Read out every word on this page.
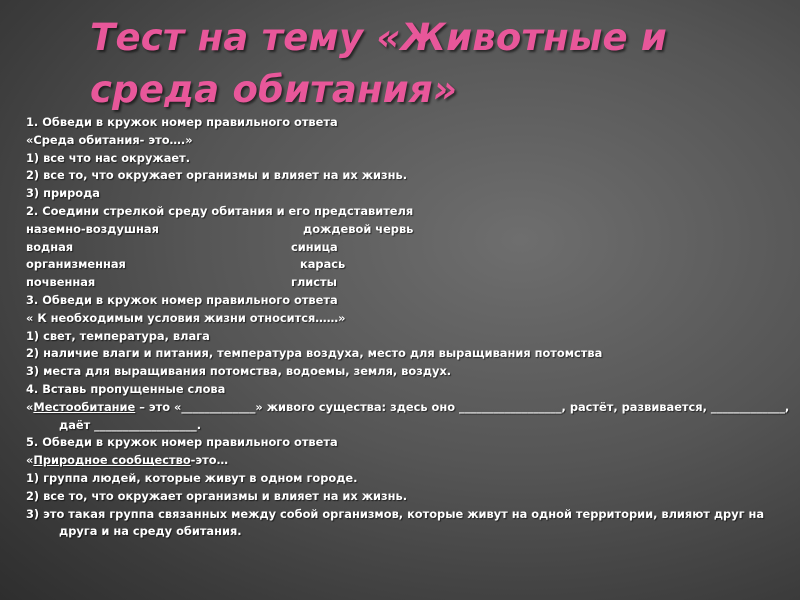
Тест на тему «Животные и среда обитания»
1. Обведи в кружок номер правильного ответа
«Среда обитания- это….»
1) все что нас окружает.
2) все то, что окружает организмы и влияет на их жизнь.
3) природа
2. Соедини стрелкой среду обитания и его представителя
наземно-воздушная	дождевой червь
водная	синица
организменная	карась
почвенная	глисты
3. Обведи в кружок номер правильного ответа
« К необходимым условия жизни относится……»
1) свет, температура, влага
2) наличие влаги и питания, температура воздуха, место для выращивания потомства
3) места для выращивания потомства, водоемы, земля, воздух.
4. Вставь пропущенные слова
«Местообитание – это «_____________» живого существа: здесь оно __________________, растёт, развивается, _____________, даёт __________________.
5. Обведи в кружок номер правильного ответа
«Природное сообщество-это…
1) группа людей, которые живут в одном городе.
2) все то, что окружает организмы и влияет на их жизнь.
3) это такая группа связанных между собой организмов, которые живут на одной территории, влияют друг на друга и на среду обитания.
